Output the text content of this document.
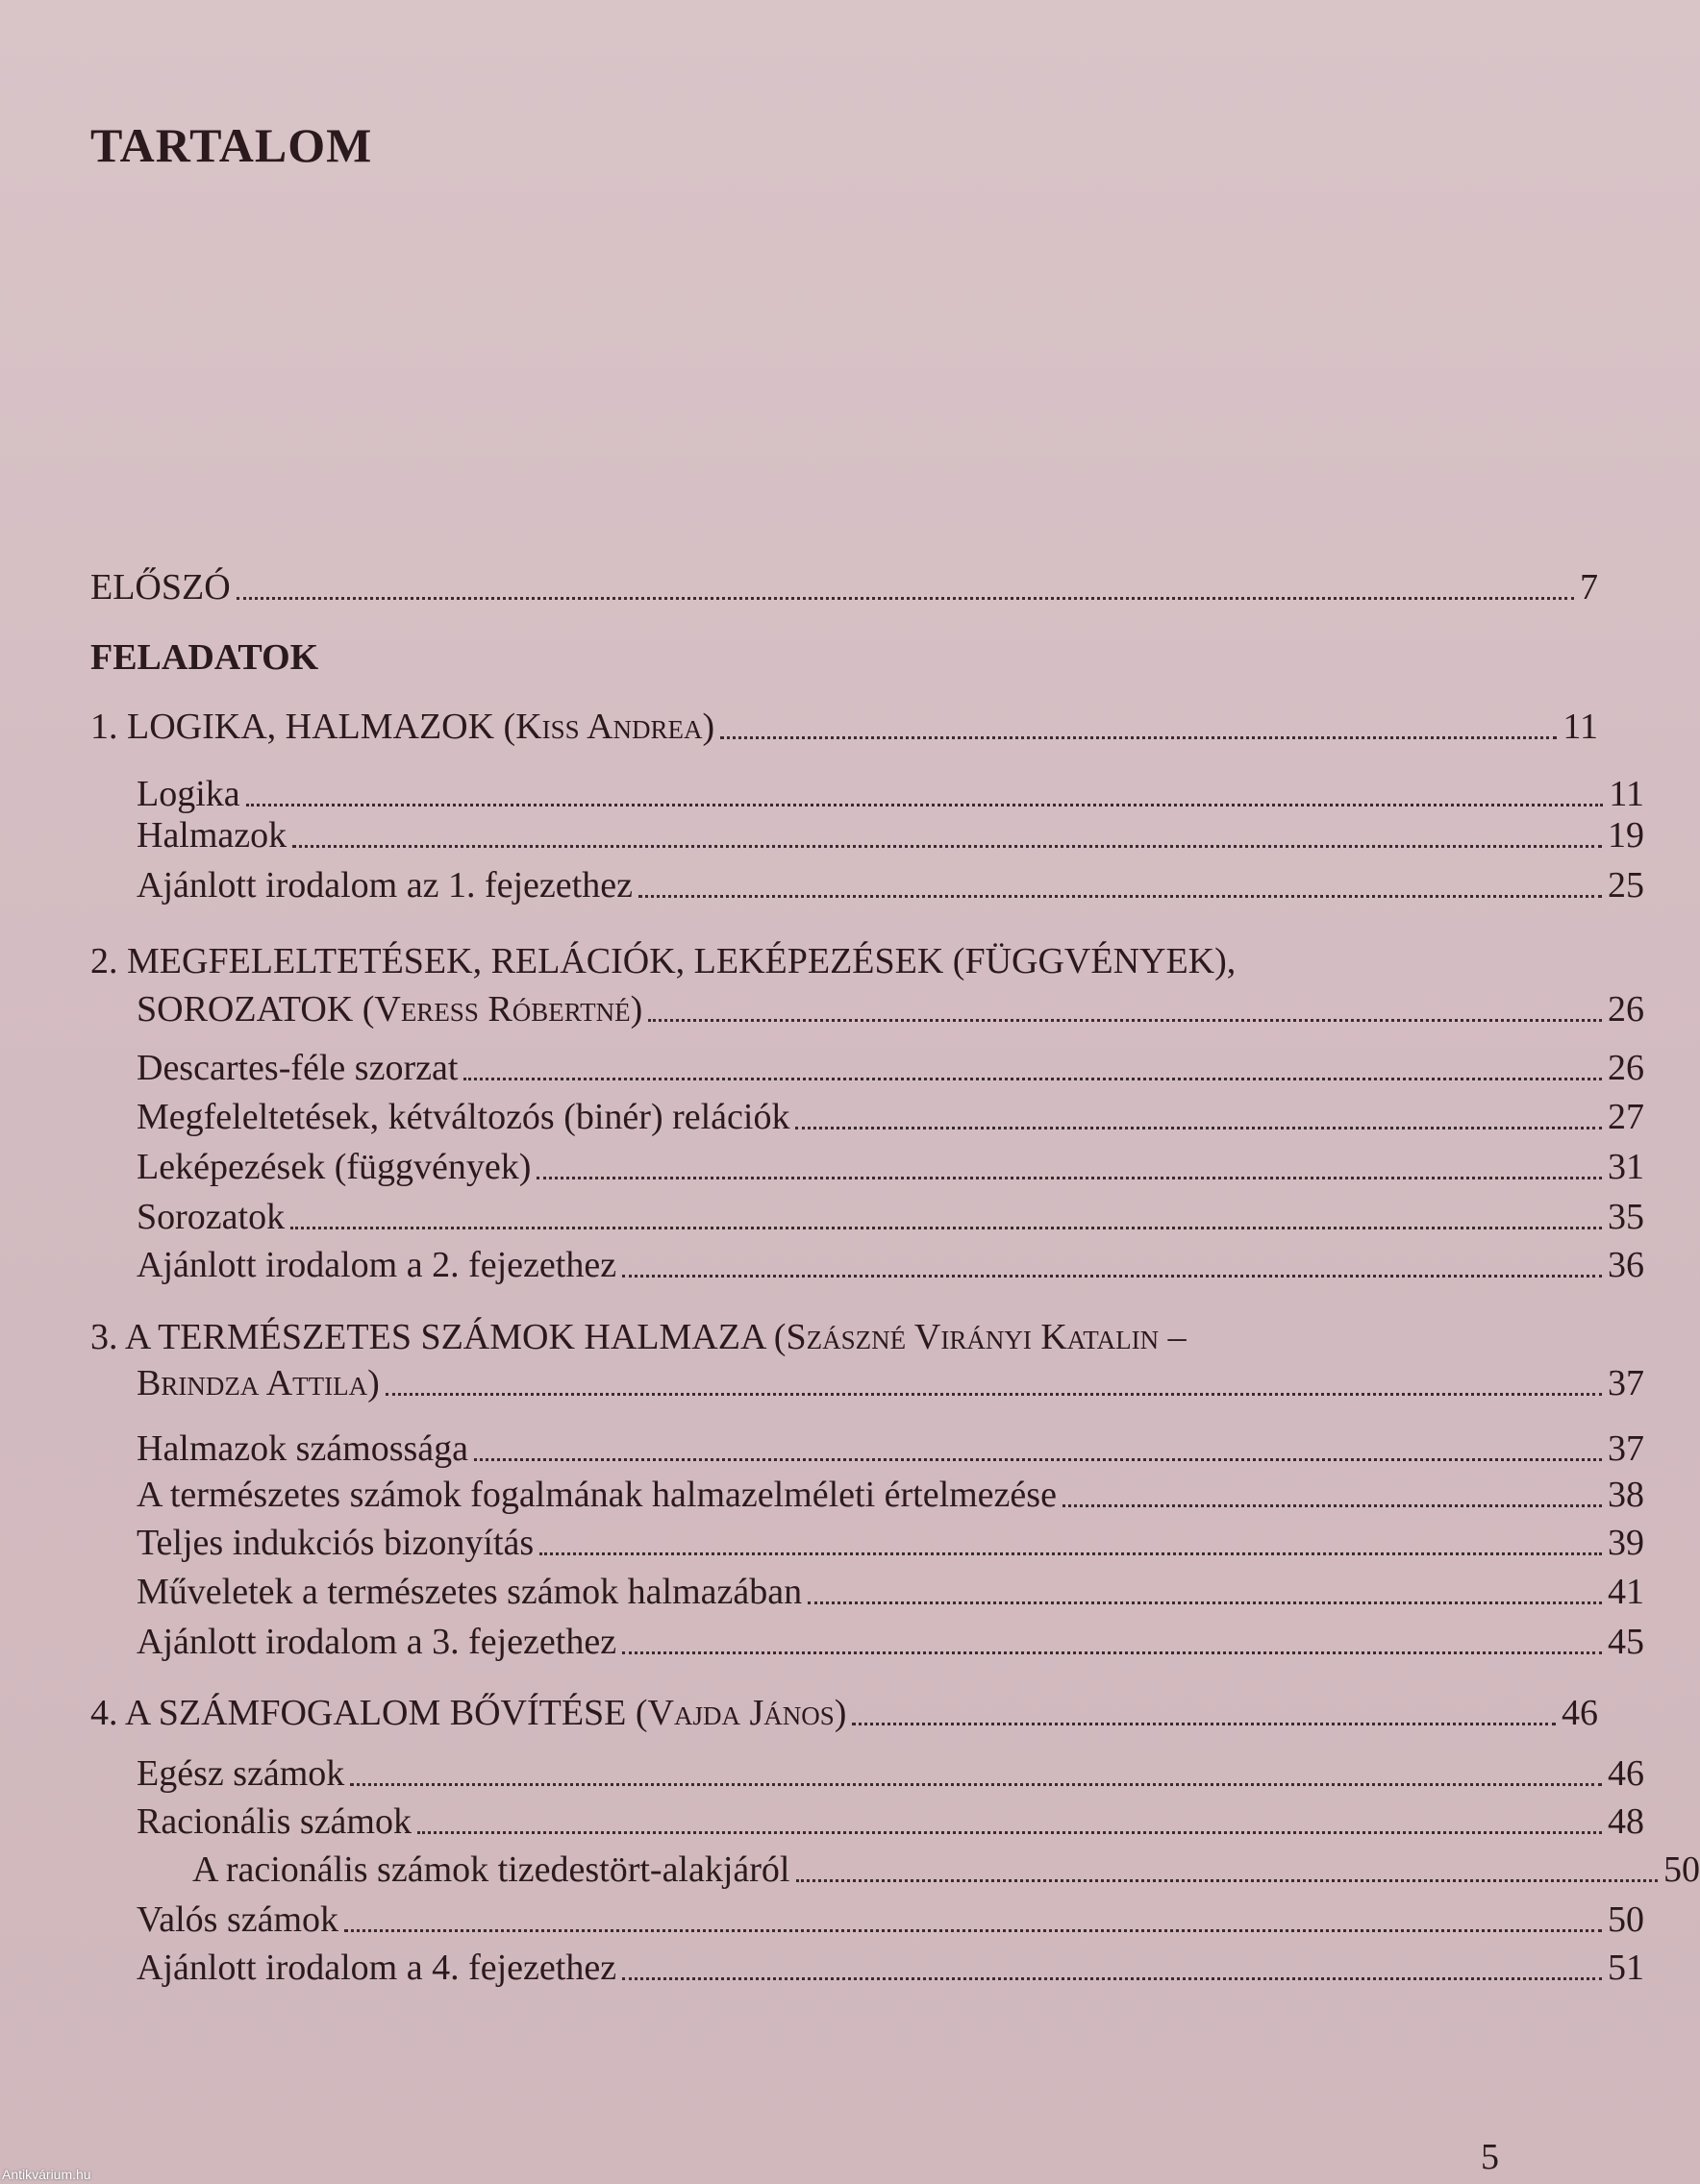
TARTALOM
ELŐSZÓ	7
FELADATOK
1. LOGIKA, HALMAZOK ( Kiss Andrea )	11
Logika	11
Halmazok	19
Ajánlott irodalom az 1. fejezethez	25
2. MEGFELELTETÉSEK, RELÁCIÓK, LEKÉPEZÉSEK (FÜGGVÉNYEK),
SOROZATOK ( Veress Róbertné )	26
Descartes-féle szorzat	26
Megfeleltetések, kétváltozós (binér) relációk	27
Leképezések (függvények)	31
Sorozatok	35
Ajánlott irodalom a 2. fejezethez	36
3. A TERMÉSZETES SZÁMOK HALMAZA (Szászné Virányi Katalin –
Brindza Attila )	37
Halmazok számossága	37
A természetes számok fogalmának halmazelméleti értelmezése	38
Teljes indukciós bizonyítás	39
Műveletek a természetes számok halmazában	41
Ajánlott irodalom a 3. fejezethez	45
4. A SZÁMFOGALOM BŐVÍTÉSE ( Vajda János )	46
Egész számok	46
Racionális számok	48
A racionális számok tizedestört-alakjáról	50
Valós számok	50
Ajánlott irodalom a 4. fejezethez	51
5
Antikvárium.hu
